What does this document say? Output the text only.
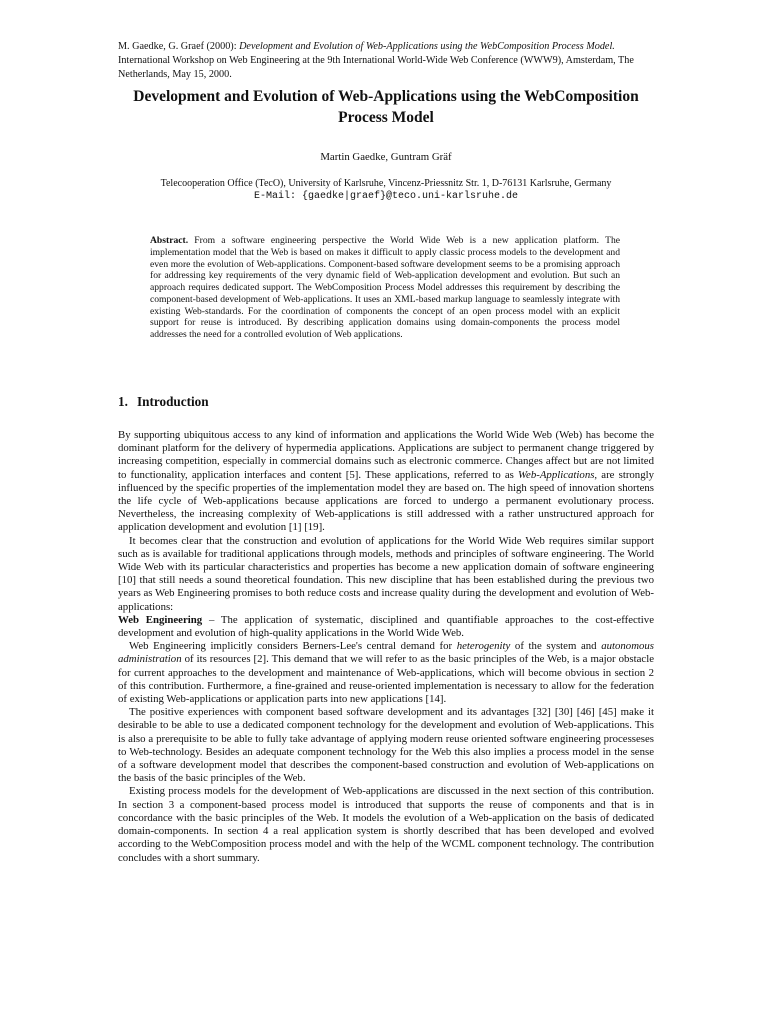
M. Gaedke, G. Graef (2000): Development and Evolution of Web-Applications using the WebComposition Process Model. International Workshop on Web Engineering at the 9th International World-Wide Web Conference (WWW9), Amsterdam, The Netherlands, May 15, 2000.
Development and Evolution of Web-Applications using the WebComposition Process Model
Martin Gaedke, Guntram Gräf
Telecooperation Office (TecO), University of Karlsruhe, Vincenz-Priessnitz Str. 1, D-76131 Karlsruhe, Germany
E-Mail: {gaedke|graef}@teco.uni-karlsruhe.de
Abstract. From a software engineering perspective the World Wide Web is a new application platform. The implementation model that the Web is based on makes it difficult to apply classic process models to the development and even more the evolution of Web-applications. Component-based software development seems to be a promising approach for addressing key requirements of the very dynamic field of Web-application development and evolution. But such an approach requires dedicated support. The WebComposition Process Model addresses this requirement by describing the component-based development of Web-applications. It uses an XML-based markup language to seamlessly integrate with existing Web-standards. For the coordination of components the concept of an open process model with an explicit support for reuse is introduced. By describing application domains using domain-components the process model addresses the need for a controlled evolution of Web applications.
1. Introduction

By supporting ubiquitous access to any kind of information and applications the World Wide Web (Web) has become the dominant platform for the delivery of hypermedia applications. Applications are subject to permanent change triggered by increasing competition, especially in commercial domains such as electronic commerce. Changes affect but are not limited to functionality, application interfaces and content [5]. These applications, referred to as Web-Applications, are strongly influenced by the specific properties of the implementation model they are based on. The high speed of innovation shortens the life cycle of Web-applications because applications are forced to undergo a permanent evolutionary process. Nevertheless, the increasing complexity of Web-applications is still addressed with a rather unstructured approach for application development and evolution [1] [19].

It becomes clear that the construction and evolution of applications for the World Wide Web requires similar support such as is available for traditional applications through models, methods and principles of software engineering. The World Wide Web with its particular characteristics and properties has become a new application domain of software engineering [10] that still needs a sound theoretical foundation. This new discipline that has been established during the previous two years as Web Engineering promises to both reduce costs and increase quality during the development and evolution of Web-applications:

Web Engineering – The application of systematic, disciplined and quantifiable approaches to the cost-effective development and evolution of high-quality applications in the World Wide Web.

Web Engineering implicitly considers Berners-Lee's central demand for heterogenity of the system and autonomous administration of its resources [2]. This demand that we will refer to as the basic principles of the Web, is a major obstacle for current approaches to the development and maintenance of Web-applications, which will become obvious in section 2 of this contribution. Furthermore, a fine-grained and reuse-oriented implementation is necessary to allow for the federation of existing Web-applications or application parts into new applications [14].

The positive experiences with component based software development and its advantages [32] [30] [46] [45] make it desirable to be able to use a dedicated component technology for the development and evolution of Web-applications. This is also a prerequisite to be able to fully take advantage of applying modern reuse oriented software engineering processeses to Web-technology. Besides an adequate component technology for the Web this also implies a process model in the sense of a software development model that describes the component-based construction and evolution of Web-applications on the basis of the basic principles of the Web.

Existing process models for the development of Web-applications are discussed in the next section of this contribution. In section 3 a component-based process model is introduced that supports the reuse of components and that is in concordance with the basic principles of the Web. It models the evolution of a Web-application on the basis of dedicated domain-components. In section 4 a real application system is shortly described that has been developed and evolved according to the WebComposition process model and with the help of the WCML component technology. The contribution concludes with a short summary.
